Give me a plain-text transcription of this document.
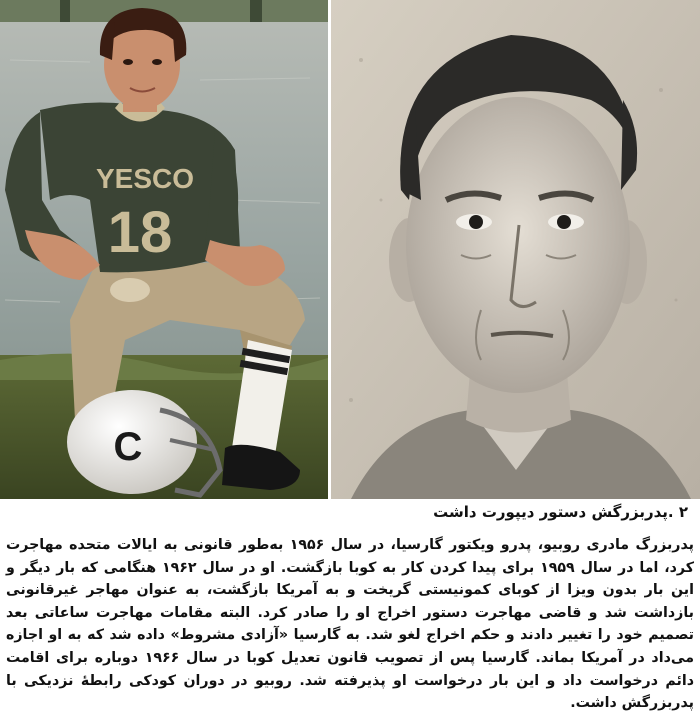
YESCO
18
C
۲ .پدربزرگش دستور دیپورت داشت
پدربزرگ مادری روبیو، پدرو ویکتور گارسیا، در سال ۱۹۵۶ به‌طور قانونی به ایالات متحده مهاجرت کرد، اما در سال ۱۹۵۹ برای پیدا کردن کار به کوبا بازگشت. او در سال ۱۹۶۲ هنگامی که بار دیگر و این بار بدون ویزا از کوبای کمونیستی گریخت و به آمریکا بازگشت، به عنوان مهاجر غیرقانونی بازداشت شد و قاضی مهاجرت دستور اخراج او را صادر کرد. البته مقامات مهاجرت ساعاتی بعد تصمیم خود را تغییر دادند و حکم اخراج لغو شد. به گارسیا «آزادی مشروط» داده شد که به او اجازه می‌داد در آمریکا بماند. گارسیا پس از تصویب قانون تعدیل کوبا در سال ۱۹۶۶ دوباره برای اقامت دائم درخواست داد و این بار درخواست او پذیرفته شد. روبیو در دوران کودکی رابطهٔ نزدیکی با پدربزرگش داشت.
